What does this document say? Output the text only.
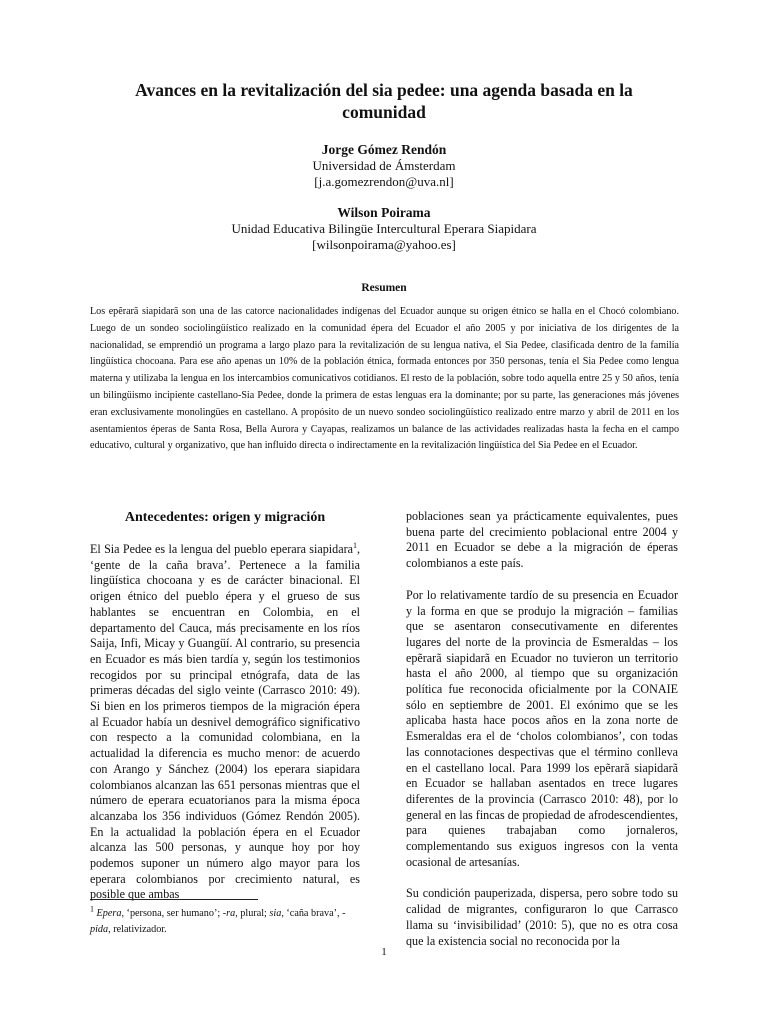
Avances en la revitalización del sia pedee: una agenda basada en la comunidad
Jorge Gómez Rendón
Universidad de Ámsterdam
[j.a.gomezrendon@uva.nl]
Wilson Poirama
Unidad Educativa Bilingüe Intercultural Eperara Siapidara
[wilsonpoirama@yahoo.es]
Resumen
Los epẽrarã siapidarã son una de las catorce nacionalidades indígenas del Ecuador aunque su origen étnico se halla en el Chocó colombiano. Luego de un sondeo sociolingüístico realizado en la comunidad épera del Ecuador el año 2005 y por iniciativa de los dirigentes de la nacionalidad, se emprendió un programa a largo plazo para la revitalización de su lengua nativa, el Sia Pedee, clasificada dentro de la familia lingüística chocoana. Para ese año apenas un 10% de la población étnica, formada entonces por 350 personas, tenía el Sia Pedee como lengua materna y utilizaba la lengua en los intercambios comunicativos cotidianos. El resto de la población, sobre todo aquella entre 25 y 50 años, tenía un bilingüismo incipiente castellano-Sia Pedee, donde la primera de estas lenguas era la dominante; por su parte, las generaciones más jóvenes eran exclusivamente monolingües en castellano. A propósito de un nuevo sondeo sociolingüístico realizado entre marzo y abril de 2011 en los asentamientos éperas de Santa Rosa, Bella Aurora y Cayapas, realizamos un balance de las actividades realizadas hasta la fecha en el campo educativo, cultural y organizativo, que han influido directa o indirectamente en la revitalización lingüística del Sia Pedee en el Ecuador.
Antecedentes: origen y migración

El Sia Pedee es la lengua del pueblo eperara siapidara$^1$, ‘gente de la caña brava’. Pertenece a la familia lingüística chocoana y es de carácter binacional. El origen étnico del pueblo épera y el grueso de sus hablantes se encuentran en Colombia, en el departamento del Cauca, más precisamente en los ríos Saija, Infi, Micay y Guangüí. Al contrario, su presencia en Ecuador es más bien tardía y, según los testimonios recogidos por su principal etnógrafa, data de las primeras décadas del siglo veinte (Carrasco 2010: 49). Si bien en los primeros tiempos de la migración épera al Ecuador había un desnivel demográfico significativo con respecto a la comunidad colombiana, en la actualidad la diferencia es mucho menor: de acuerdo con Arango y Sánchez (2004) los eperara siapidara colombianos alcanzan las 651 personas mientras que el número de eperara ecuatorianos para la misma época alcanzaba los 356 individuos (Gómez Rendón 2005). En la actualidad la población épera en el Ecuador alcanza las 500 personas, y aunque hoy por hoy podemos suponer un número algo mayor para los eperara colombianos por crecimiento natural, es posible que ambas

poblaciones sean ya prácticamente equivalentes, pues buena parte del crecimiento poblacional entre 2004 y 2011 en Ecuador se debe a la migración de éperas colombianos a este país.

Por lo relativamente tardío de su presencia en Ecuador y la forma en que se produjo la migración – familias que se asentaron consecutivamente en diferentes lugares del norte de la provincia de Esmeraldas – los epẽrarã siapidarã en Ecuador no tuvieron un territorio hasta el año 2000, al tiempo que su organización política fue reconocida oficialmente por la CONAIE sólo en septiembre de 2001. El exónimo que se les aplicaba hasta hace pocos años en la zona norte de Esmeraldas era el de ‘cholos colombianos’, con todas las connotaciones despectivas que el término conlleva en el castellano local. Para 1999 los epẽrarã siapidarã en Ecuador se hallaban asentados en trece lugares diferentes de la provincia (Carrasco 2010: 48), por lo general en las fincas de propiedad de afrodescendientes, para quienes trabajaban como jornaleros, complementando sus exiguos ingresos con la venta ocasional de artesanías.

Su condición pauperizada, dispersa, pero sobre todo su calidad de migrantes, configuraron lo que Carrasco llama su ‘invisibilidad’ (2010: 5), que no es otra cosa que la existencia social no reconocida por la

$^1$ Epera, ‘persona, ser humano’; -ra, plural; sia, ‘caña brava’, -pida, relativizador.
1
